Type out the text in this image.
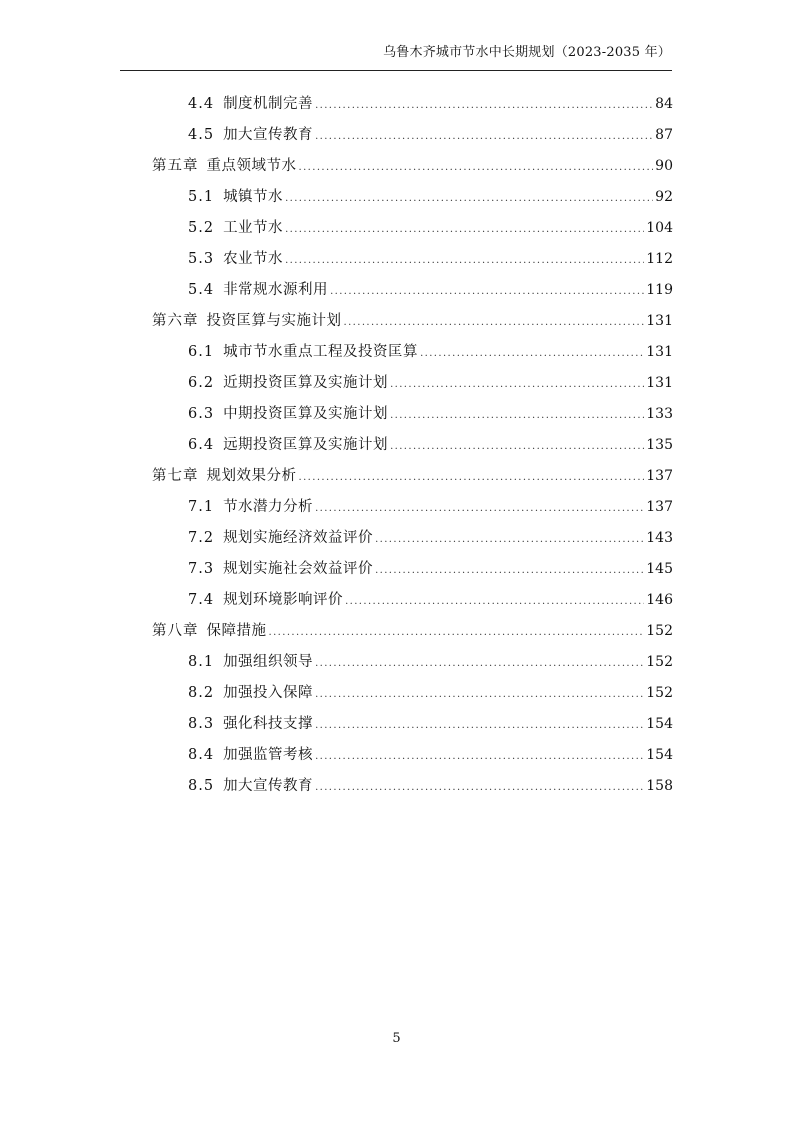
乌鲁木齐城市节水中长期规划（2023-2035 年）
4.4 制度机制完善 .....	84
4.5 加大宣传教育 .....	87
第五章 重点领域节水 .....	90
5.1 城镇节水 .....	92
5.2 工业节水 .....	104
5.3 农业节水 .....	112
5.4 非常规水源利用 .....	119
第六章 投资匡算与实施计划 .....	131
6.1 城市节水重点工程及投资匡算 .....	131
6.2 近期投资匡算及实施计划 .....	131
6.3 中期投资匡算及实施计划 .....	133
6.4 远期投资匡算及实施计划 .....	135
第七章 规划效果分析 .....	137
7.1 节水潜力分析 .....	137
7.2 规划实施经济效益评价 .....	143
7.3 规划实施社会效益评价 .....	145
7.4 规划环境影响评价 .....	146
第八章 保障措施 .....	152
8.1 加强组织领导 .....	152
8.2 加强投入保障 .....	152
8.3 强化科技支撑 .....	154
8.4 加强监管考核 .....	154
8.5 加大宣传教育 .....	158
5
